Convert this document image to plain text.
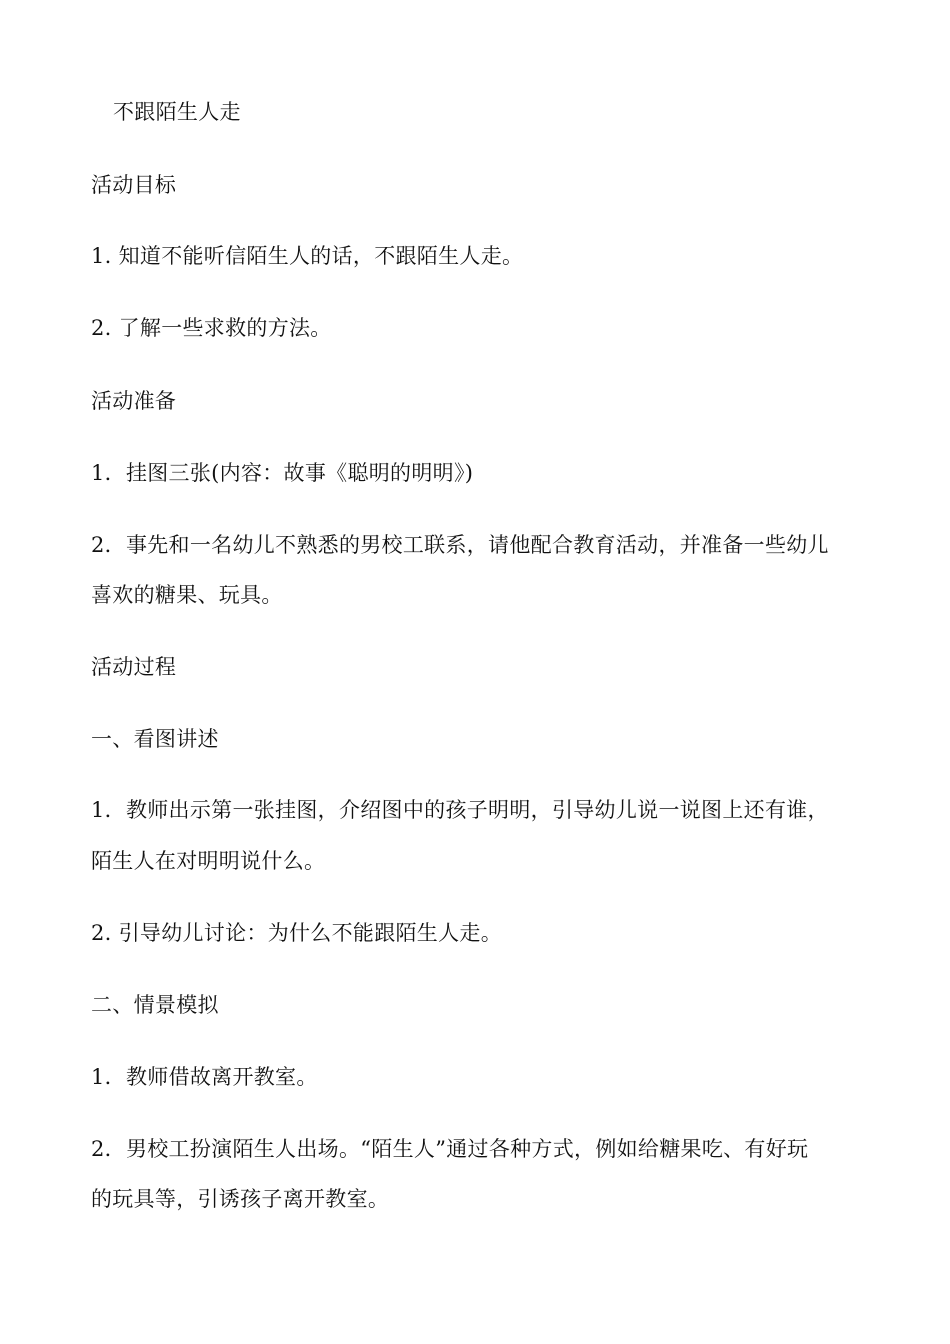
不跟陌生人走
活动目标
1. 知道不能听信陌生人的话，不跟陌生人走。
2. 了解一些求救的方法。
活动准备
1．挂图三张(内容：故事《聪明的明明》)
2．事先和一名幼儿不熟悉的男校工联系，请他配合教育活动，并准备一些幼儿
喜欢的糖果、玩具。
活动过程
一、看图讲述
1．教师出示第一张挂图，介绍图中的孩子明明，引导幼儿说一说图上还有谁，
陌生人在对明明说什么。
2. 引导幼儿讨论：为什么不能跟陌生人走。
二、情景模拟
1．教师借故离开教室。
2．男校工扮演陌生人出场。“陌生人”通过各种方式，例如给糖果吃、有好玩
的玩具等，引诱孩子离开教室。
